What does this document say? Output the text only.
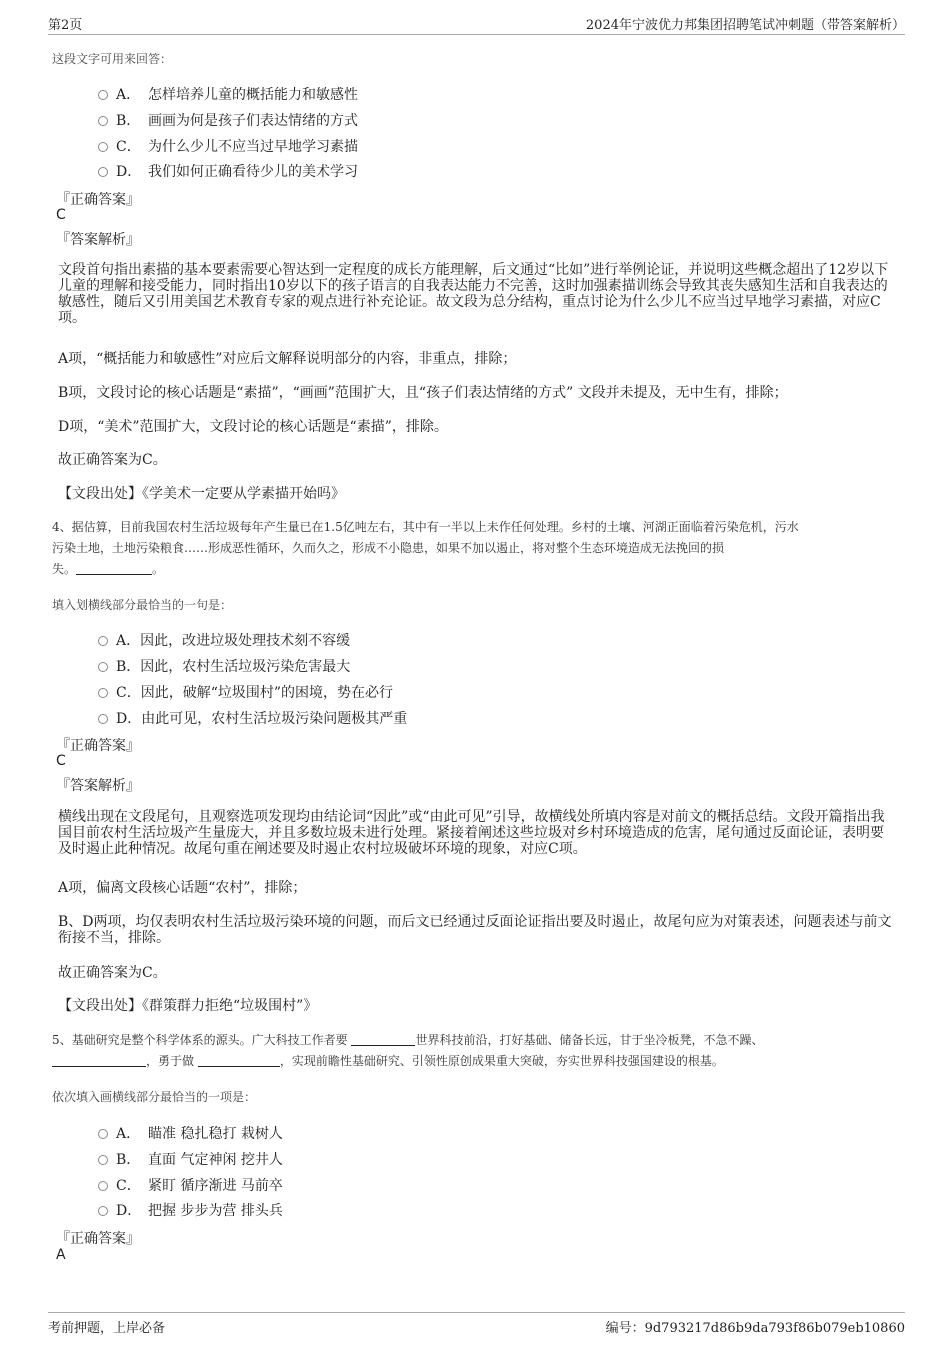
第2页	2024年宁波优力邦集团招聘笔试冲刺题（带答案解析）
这段文字可用来回答：
A． 怎样培养儿童的概括能力和敏感性
B． 画画为何是孩子们表达情绪的方式
C． 为什么少儿不应当过早地学习素描
D． 我们如何正确看待少儿的美术学习
『正确答案』
C
『答案解析』
文段首句指出素描的基本要素需要心智达到一定程度的成长方能理解，后文通过“比如”进行举例论证，并说明这些概念超出了12岁以下儿童的理解和接受能力，同时指出10岁以下的孩子语言的自我表达能力不完善，这时加强素描训练会导致其丧失感知生活和自我表达的敏感性，随后又引用美国艺术教育专家的观点进行补充论证。故文段为总分结构，重点讨论为什么少儿不应当过早地学习素描，对应C项。
A项，“概括能力和敏感性”对应后文解释说明部分的内容，非重点，排除；
B项，文段讨论的核心话题是“素描”，“画画”范围扩大，且“孩子们表达情绪的方式” 文段并未提及，无中生有，排除；
D项，“美术”范围扩大，文段讨论的核心话题是“素描”，排除。
故正确答案为C。
【文段出处】《学美术一定要从学素描开始吗》
4、据估算，目前我国农村生活垃圾每年产生量已在1.5亿吨左右，其中有一半以上未作任何处理。乡村的土壤、河湖正面临着污染危机，污水
污染土地，土地污染粮食……形成恶性循环，久而久之，形成不小隐患，如果不加以遏止，将对整个生态环境造成无法挽回的损
失。	。
填入划横线部分最恰当的一句是：
A．因此，改进垃圾处理技术刻不容缓
B．因此，农村生活垃圾污染危害最大
C．因此，破解“垃圾围村”的困境，势在必行
D．由此可见，农村生活垃圾污染问题极其严重
『正确答案』
C
『答案解析』
横线出现在文段尾句，且观察选项发现均由结论词“因此”或“由此可见”引导，故横线处所填内容是对前文的概括总结。文段开篇指出我国目前农村生活垃圾产生量庞大，并且多数垃圾未进行处理。紧接着阐述这些垃圾对乡村环境造成的危害，尾句通过反面论证，表明要及时遏止此种情况。故尾句重在阐述要及时遏止农村垃圾破坏环境的现象，对应C项。
A项，偏离文段核心话题“农村”，排除；
B、D两项，均仅表明农村生活垃圾污染环境的问题，而后文已经通过反面论证指出要及时遏止，故尾句应为对策表述，问题表述与前文衔接不当，排除。
故正确答案为C。
【文段出处】《群策群力拒绝“垃圾围村”》
5、基础研究是整个科学体系的源头。广大科技工作者要	世界科技前沿，打好基础、储备长远，甘于坐冷板凳，不急不躁、
，勇于做	，实现前瞻性基础研究、引领性原创成果重大突破，夯实世界科技强国建设的根基。
依次填入画横线部分最恰当的一项是：
A． 瞄准 稳扎稳打 栽树人
B． 直面 气定神闲 挖井人
C． 紧盯 循序渐进 马前卒
D． 把握 步步为营 排头兵
『正确答案』
A
考前押题，上岸必备	编号：9d793217d86b9da793f86b079eb10860
